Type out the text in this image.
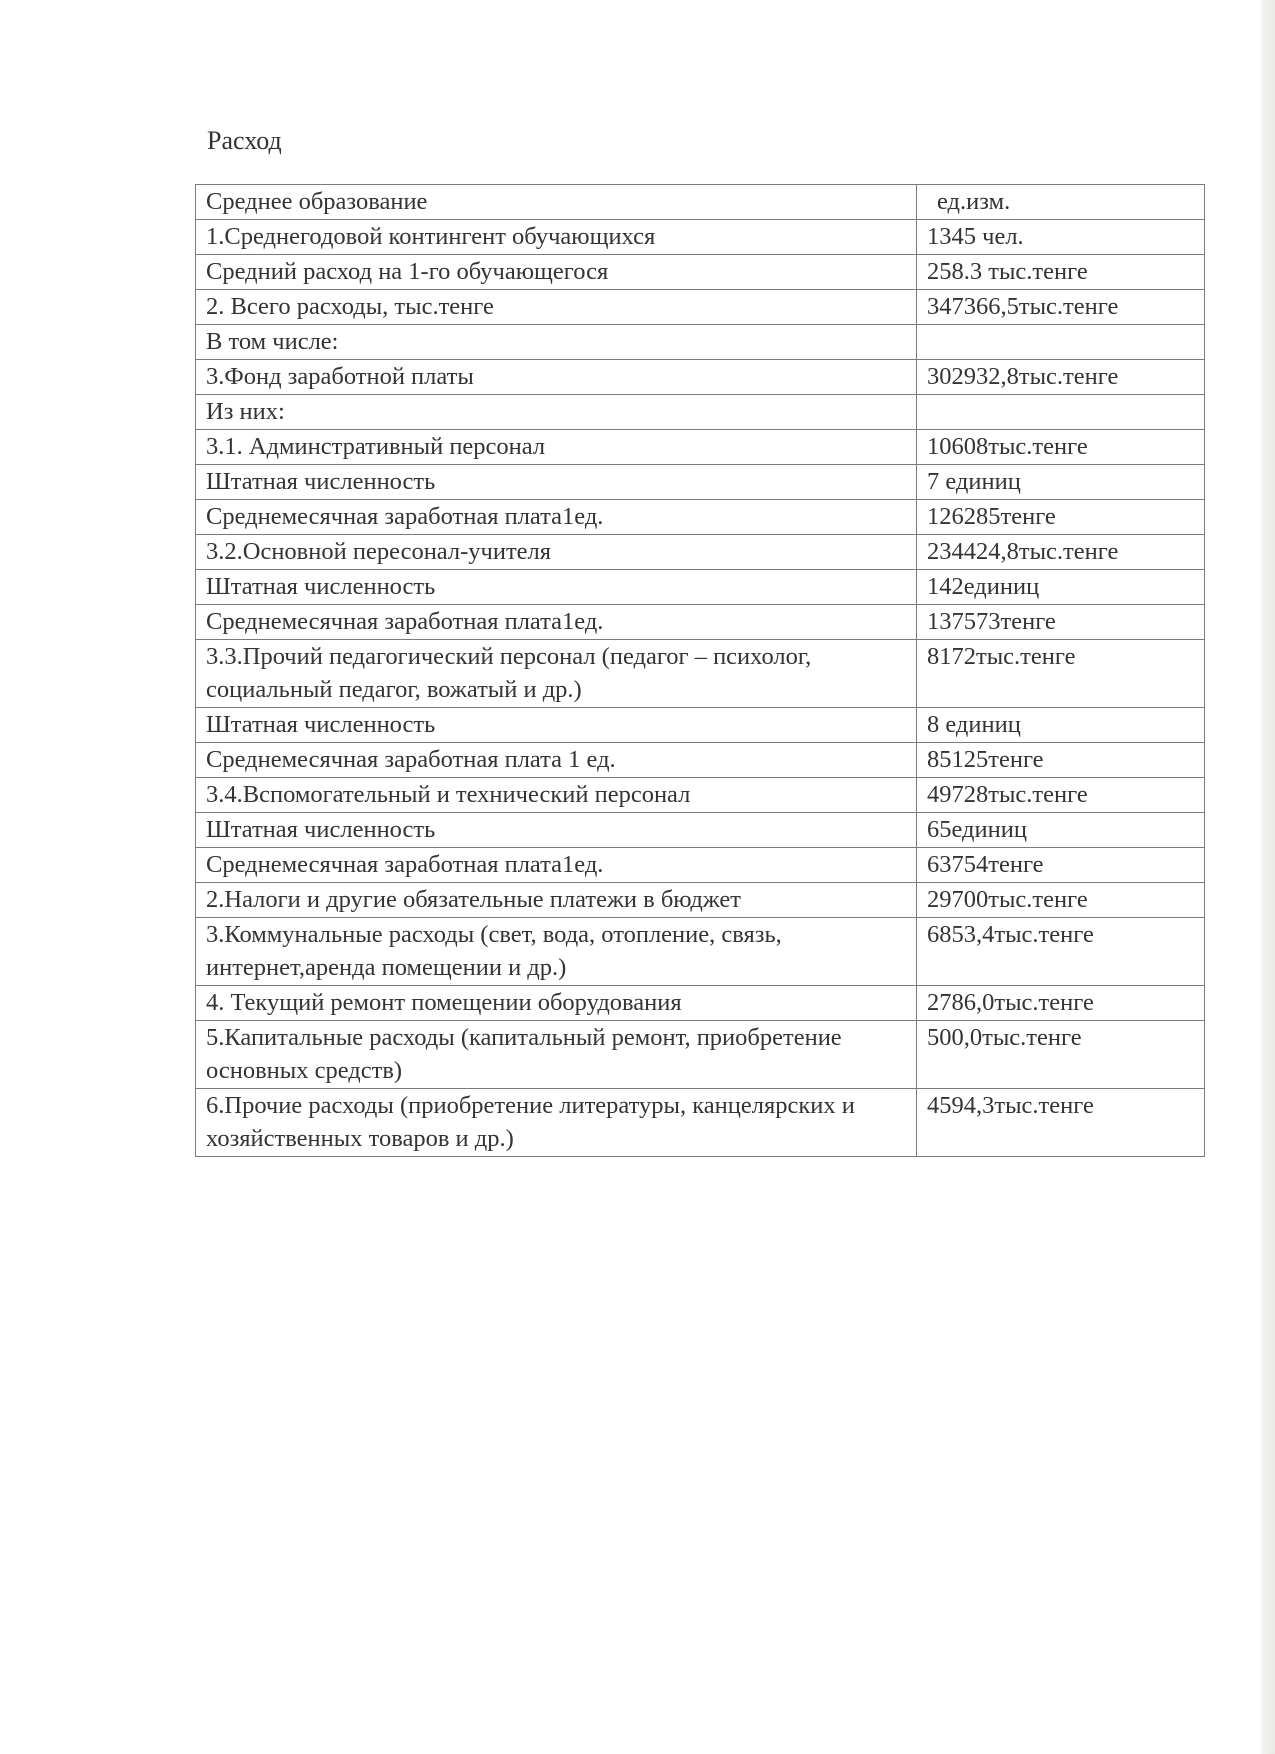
Расход
Среднее образование	ед.изм.
1.Среднегодовой контингент обучающихся	1345 чел.
Средний расход на 1-го обучающегося	258.3 тыс.тенге
2. Всего расходы, тыс.тенге	347366,5тыс.тенге
В том числе:	
3.Фонд заработной платы	302932,8тыс.тенге
Из них:	
3.1. Админстративный персонал	10608тыс.тенге
Штатная численность	7 единиц
Среднемесячная заработная плата1ед.	126285тенге
3.2.Основной пересонал-учителя	234424,8тыс.тенге
Штатная численность	142единиц
Среднемесячная заработная плата1ед.	137573тенге
3.3.Прочий педагогический персонал (педагог – психолог, социальный педагог, вожатый и др.)	8172тыс.тенге
Штатная численность	8 единиц
Среднемесячная заработная плата 1 ед.	85125тенге
3.4.Вспомогательный и технический персонал	49728тыс.тенге
Штатная численность	65единиц
Среднемесячная заработная плата1ед.	63754тенге
2.Налоги и другие обязательные платежи в бюджет	29700тыс.тенге
3.Коммунальные расходы (свет, вода, отопление, связь, интернет,аренда помещении и др.)	6853,4тыс.тенге
4. Текущий ремонт помещении оборудования	2786,0тыс.тенге
5.Капитальные расходы (капитальный ремонт, приобретение основных средств)	500,0тыс.тенге
6.Прочие расходы (приобретение литературы, канцелярских и хозяйственных товаров и др.)	4594,3тыс.тенге
